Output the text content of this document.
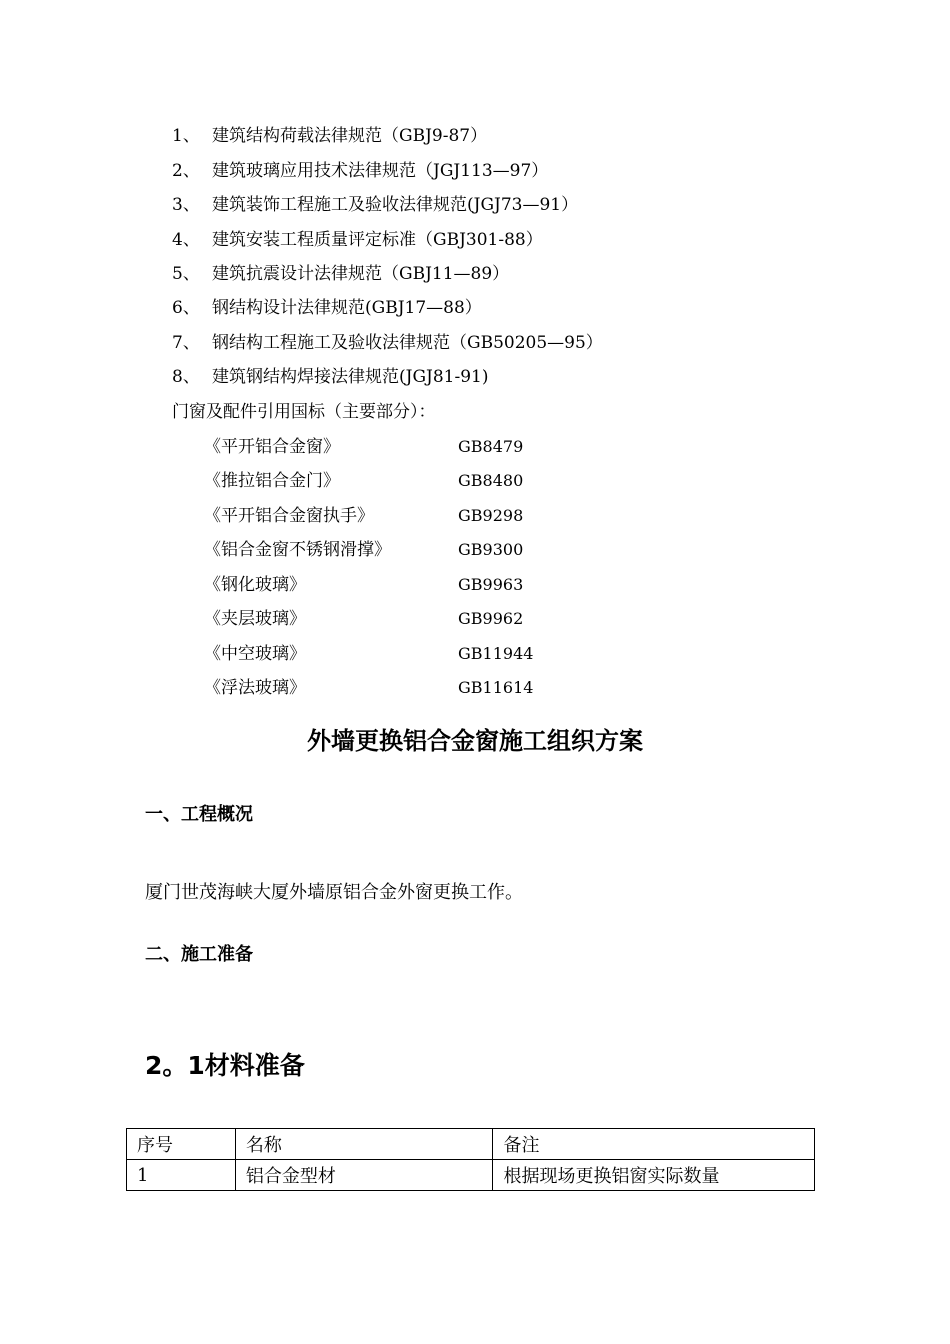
1、 建筑结构荷载法律规范（GBJ9-87）
2、 建筑玻璃应用技术法律规范（JGJ113—97）
3、 建筑装饰工程施工及验收法律规范(JGJ73—91）
4、 建筑安装工程质量评定标准（GBJ301-88）
5、 建筑抗震设计法律规范（GBJ11—89）
6、 钢结构设计法律规范(GBJ17—88）
7、 钢结构工程施工及验收法律规范（GB50205—95）
8、 建筑钢结构焊接法律规范(JGJ81-91)
门窗及配件引用国标（主要部分）：
《平开铝合金窗》	GB8479
《推拉铝合金门》	GB8480
《平开铝合金窗执手》	GB9298
《铝合金窗不锈钢滑撑》	GB9300
《钢化玻璃》	GB9963
《夹层玻璃》	GB9962
《中空玻璃》	GB11944
《浮法玻璃》	GB11614
外墙更换铝合金窗施工组织方案
一、工程概况
厦门世茂海峡大厦外墙原铝合金外窗更换工作。
二、施工准备
2。1材料准备
序号	名称	备注
1	铝合金型材	根据现场更换铝窗实际数量
